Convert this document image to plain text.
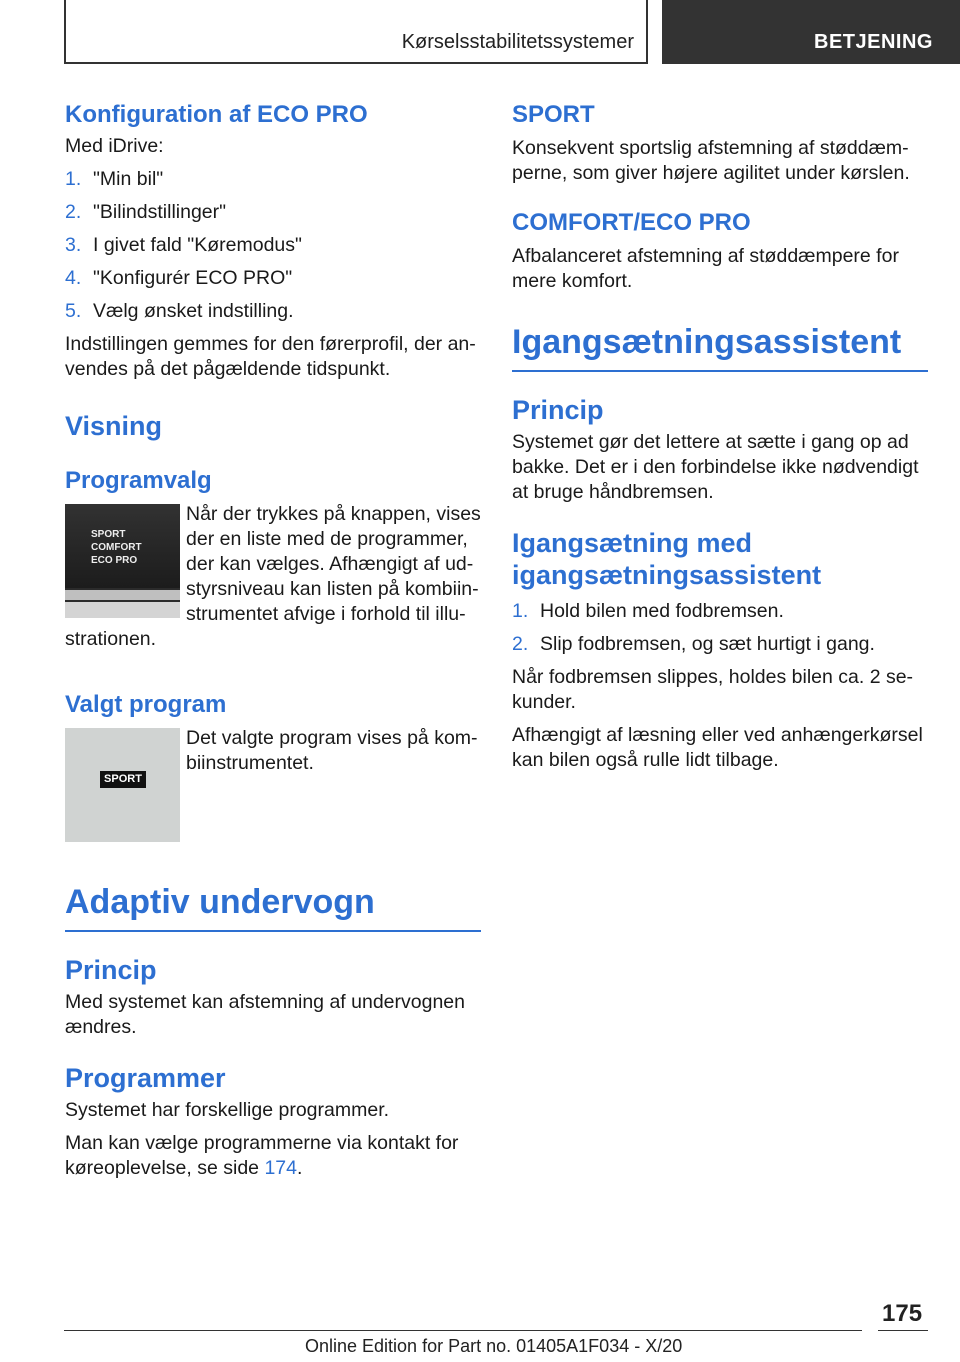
Kørselsstabilitetssystemer	BETJENING
Konfiguration af ECO PRO

Med iDrive:

1. "Min bil"
2. "Bilindstillinger"
3. I givet fald "Køremodus"
4. "Konfigurér ECO PRO"
5. Vælg ønsket indstilling.

Indstillingen gemmes for den førerprofil, der an-vendes på det pågældende tidspunkt.

Visning
Programvalg
SPORT
COMFORT
ECO PRO

Når der trykkes på knappen, vises der en liste med de programmer, der kan vælges. Afhængigt af ud-styrsniveau kan listen på kombiin-strumentet afvige i forhold til illu-strationen.

Valgt program
SPORT

Det valgte program vises på kom-biinstrumentet.

Adaptiv undervogn
Princip

Med systemet kan afstemning af undervognen ændres.

Programmer

Systemet har forskellige programmer.

Man kan vælge programmerne via kontakt for køreoplevelse, se side 174.

SPORT

Konsekvent sportslig afstemning af støddæm-perne, som giver højere agilitet under kørslen.

COMFORT/ECO PRO

Afbalanceret afstemning af støddæmpere for mere komfort.

Igangsætningsassistent
Princip

Systemet gør det lettere at sætte i gang op ad bakke. Det er i den forbindelse ikke nødvendigt at bruge håndbremsen.

Igangsætning med igangsætningsassistent
1. Hold bilen med fodbremsen.
2. Slip fodbremsen, og sæt hurtigt i gang.

Når fodbremsen slippes, holdes bilen ca. 2 se-kunder.

Afhængigt af læsning eller ved anhængerkørsel kan bilen også rulle lidt tilbage.

175
Online Edition for Part no. 01405A1F034 - X/20
